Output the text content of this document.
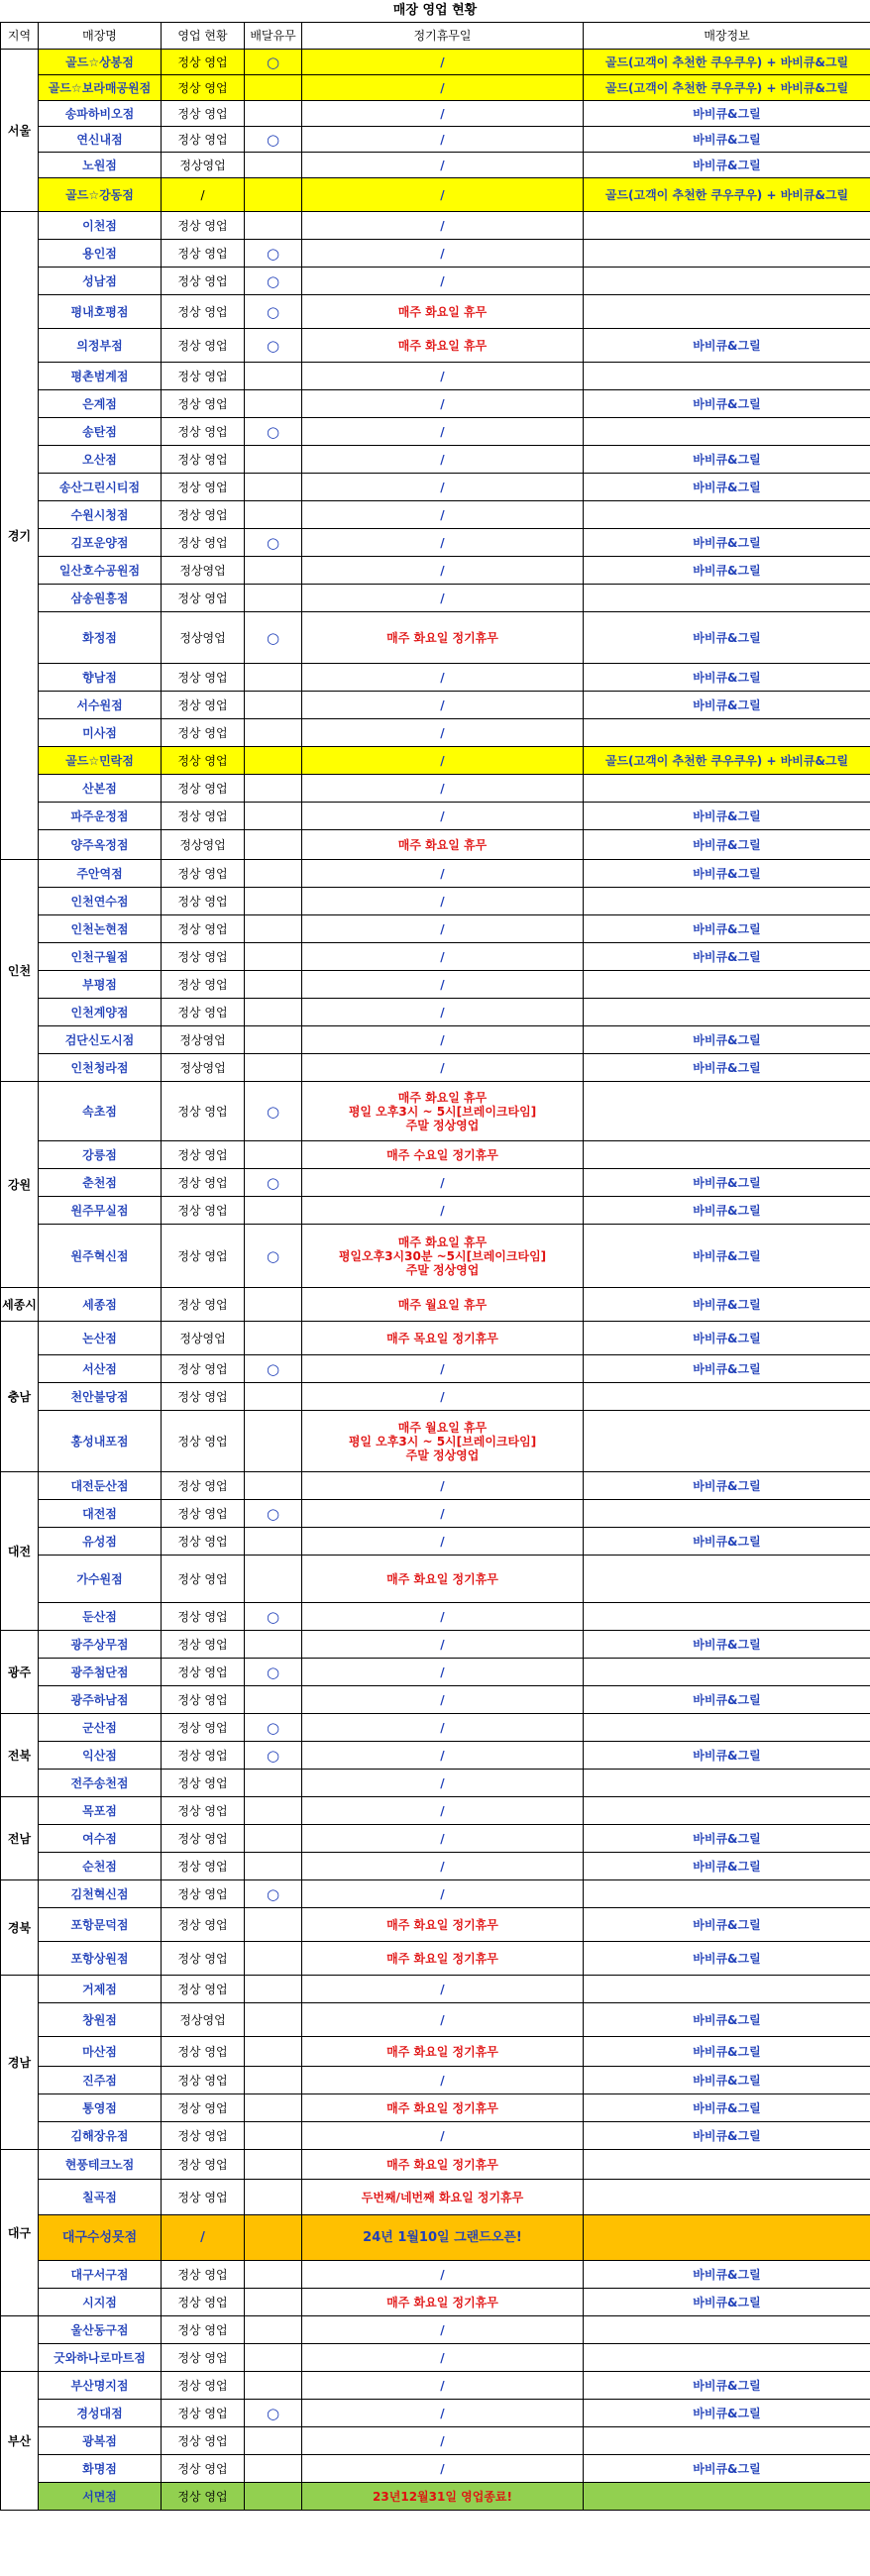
매장 영업 현황
지역	매장명	영업 현황	배달유무	정기휴무일	매장정보
서울	골드☆상봉점	정상 영업	○	/	골드(고객이 추천한 쿠우쿠우) + 바비큐&그릴
	골드☆보라매공원점	정상 영업		/	골드(고객이 추천한 쿠우쿠우) + 바비큐&그릴
	송파하비오점	정상 영업		/	바비큐&그릴
	연신내점	정상 영업	○	/	바비큐&그릴
	노원점	정상영업		/	바비큐&그릴
	골드☆강동점	/		/	골드(고객이 추천한 쿠우쿠우) + 바비큐&그릴
경기	이천점	정상 영업		/	
	용인점	정상 영업	○	/	
	성남점	정상 영업	○	/	
	평내호평점	정상 영업	○	매주 화요일 휴무	
	의정부점	정상 영업	○	매주 화요일 휴무	바비큐&그릴
	평촌범계점	정상 영업		/	
	은계점	정상 영업		/	바비큐&그릴
	송탄점	정상 영업	○	/	
	오산점	정상 영업		/	바비큐&그릴
	송산그린시티점	정상 영업		/	바비큐&그릴
	수원시청점	정상 영업		/	
	김포운양점	정상 영업	○	/	바비큐&그릴
	일산호수공원점	정상영업		/	바비큐&그릴
	삼송원흥점	정상 영업		/	
	화정점	정상영업	○	매주 화요일 정기휴무	바비큐&그릴
	향남점	정상 영업		/	바비큐&그릴
	서수원점	정상 영업		/	바비큐&그릴
	미사점	정상 영업		/	
	골드☆민락점	정상 영업		/	골드(고객이 추천한 쿠우쿠우) + 바비큐&그릴
	산본점	정상 영업		/	
	파주운정점	정상 영업		/	바비큐&그릴
	양주옥정점	정상영업		매주 화요일 휴무	바비큐&그릴
인천	주안역점	정상 영업		/	바비큐&그릴
	인천연수점	정상 영업		/	
	인천논현점	정상 영업		/	바비큐&그릴
	인천구월점	정상 영업		/	바비큐&그릴
	부평점	정상 영업		/	
	인천계양점	정상 영업		/	
	검단신도시점	정상영업		/	바비큐&그릴
	인천청라점	정상영업		/	바비큐&그릴
강원	속초점	정상 영업	○	매주 화요일 휴무
평일 오후3시 ~ 5시[브레이크타임]
주말 정상영업	
	강릉점	정상 영업		매주 수요일 정기휴무	
	춘천점	정상 영업	○	/	바비큐&그릴
	원주무실점	정상 영업		/	바비큐&그릴
	원주혁신점	정상 영업	○	매주 화요일 휴무
평일오후3시30분 ~5시[브레이크타임]
주말 정상영업	바비큐&그릴
세종시	세종점	정상 영업		매주 월요일 휴무	바비큐&그릴
충남	논산점	정상영업		매주 목요일 정기휴무	바비큐&그릴
	서산점	정상 영업	○	/	바비큐&그릴
	천안불당점	정상 영업		/	
	홍성내포점	정상 영업		매주 월요일 휴무
평일 오후3시 ~ 5시[브레이크타임]
주말 정상영업	
대전	대전둔산점	정상 영업		/	바비큐&그릴
	대전점	정상 영업	○	/	
	유성점	정상 영업		/	바비큐&그릴
	가수원점	정상 영업		매주 화요일 정기휴무	
	둔산점	정상 영업	○	/	
광주	광주상무점	정상 영업		/	바비큐&그릴
	광주첨단점	정상 영업	○	/	
	광주하남점	정상 영업		/	바비큐&그릴
전북	군산점	정상 영업	○	/	
	익산점	정상 영업	○	/	바비큐&그릴
	전주송천점	정상 영업		/	
전남	목포점	정상 영업		/	
	여수점	정상 영업		/	바비큐&그릴
	순천점	정상 영업		/	바비큐&그릴
경북	김천혁신점	정상 영업	○	/	
	포항문덕점	정상 영업		매주 화요일 정기휴무	바비큐&그릴
	포항상원점	정상 영업		매주 화요일 정기휴무	바비큐&그릴
경남	거제점	정상 영업		/	
	창원점	정상영업		/	바비큐&그릴
	마산점	정상 영업		매주 화요일 정기휴무	바비큐&그릴
	진주점	정상 영업		/	바비큐&그릴
	통영점	정상 영업		매주 화요일 정기휴무	바비큐&그릴
	김해장유점	정상 영업		/	바비큐&그릴
대구	현풍테크노점	정상 영업		매주 화요일 정기휴무	
	칠곡점	정상 영업		두번째/네번째 화요일 정기휴무	
	대구수성못점	/		24년 1월10일 그랜드오픈!	
	대구서구점	정상 영업		/	바비큐&그릴
	시지점	정상 영업		매주 화요일 정기휴무	바비큐&그릴
	울산동구점	정상 영업		/	
	굿와하나로마트점	정상 영업		/	
부산	부산명지점	정상 영업		/	바비큐&그릴
	경성대점	정상 영업	○	/	바비큐&그릴
	광복점	정상 영업		/	
	화명점	정상 영업		/	바비큐&그릴
	서면점	정상 영업		23년12월31일 영업종료!	
